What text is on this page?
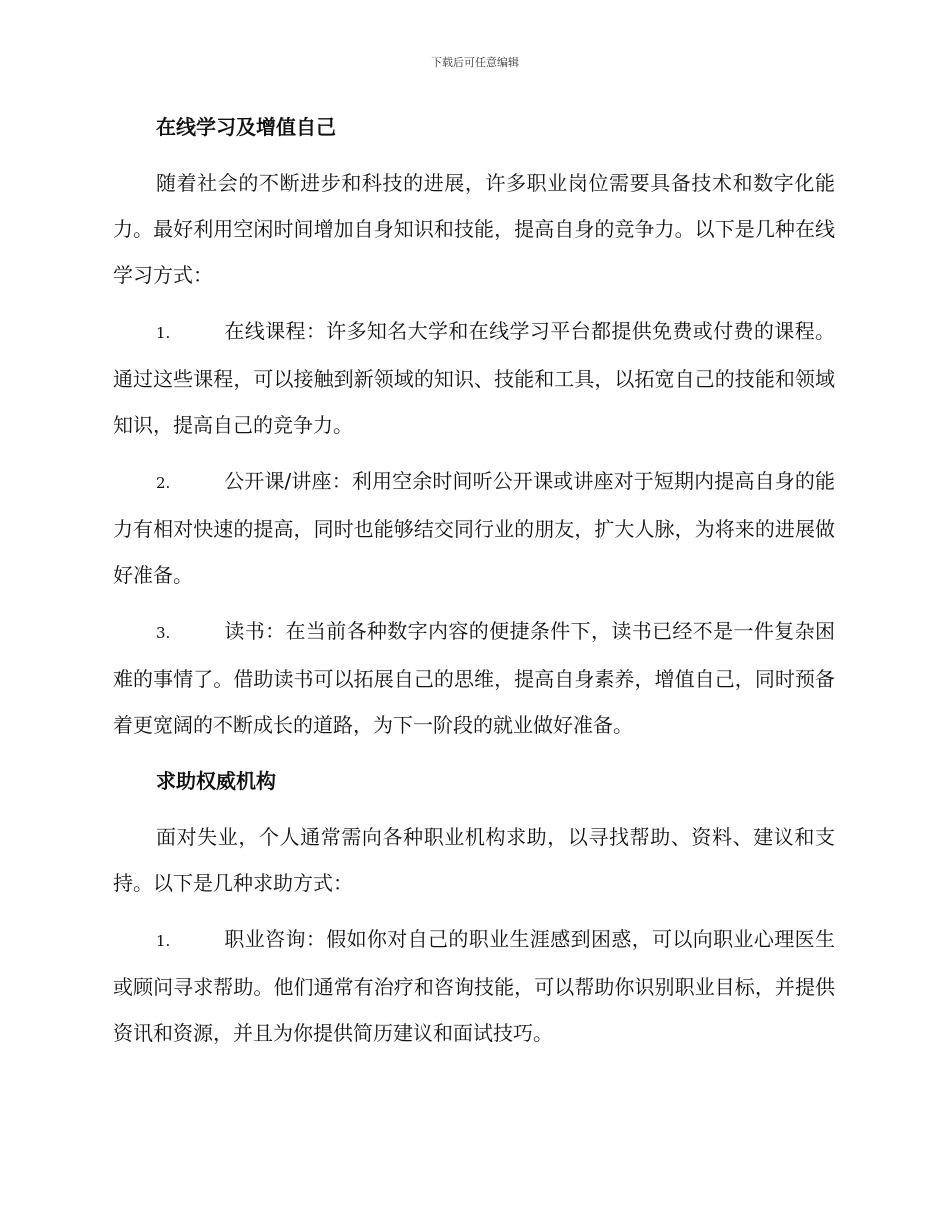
下载后可任意编辑
在线学习及增值自己
随着社会的不断进步和科技的进展，许多职业岗位需要具备技术和数字化能力。最好利用空闲时间增加自身知识和技能，提高自身的竞争力。以下是几种在线学习方式：
1.	在线课程：许多知名大学和在线学习平台都提供免费或付费的课程。通过这些课程，可以接触到新领域的知识、技能和工具，以拓宽自己的技能和领域知识，提高自己的竞争力。
2.	公开课/讲座：利用空余时间听公开课或讲座对于短期内提高自身的能力有相对快速的提高，同时也能够结交同行业的朋友，扩大人脉，为将来的进展做好准备。
3.	读书：在当前各种数字内容的便捷条件下，读书已经不是一件复杂困难的事情了。借助读书可以拓展自己的思维，提高自身素养，增值自己，同时预备着更宽阔的不断成长的道路，为下一阶段的就业做好准备。
求助权威机构
面对失业，个人通常需向各种职业机构求助，以寻找帮助、资料、建议和支持。以下是几种求助方式：
1.	职业咨询：假如你对自己的职业生涯感到困惑，可以向职业心理医生或顾问寻求帮助。他们通常有治疗和咨询技能，可以帮助你识别职业目标，并提供资讯和资源，并且为你提供简历建议和面试技巧。
